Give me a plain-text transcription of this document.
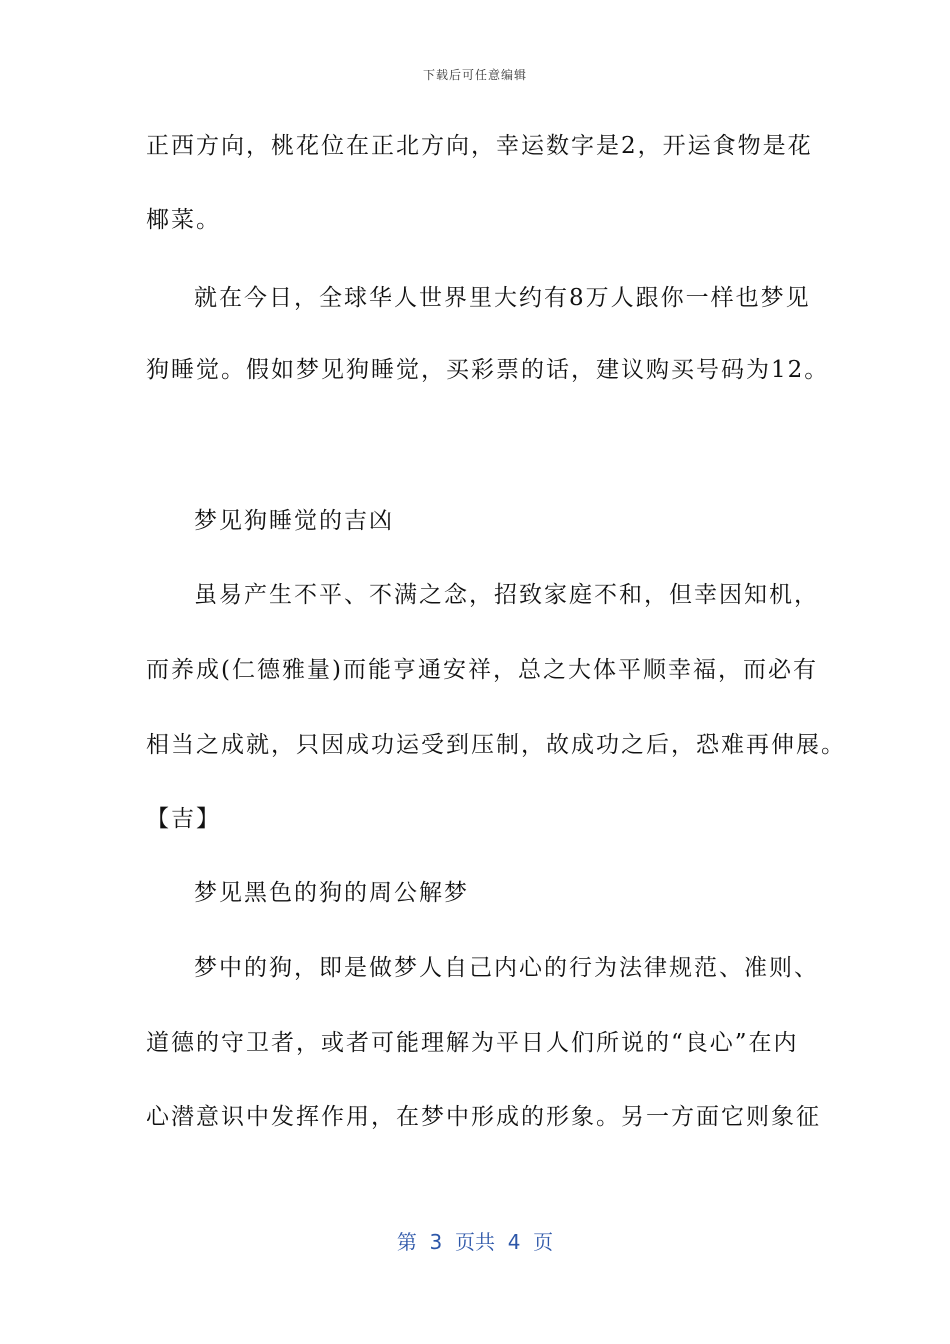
下载后可任意编辑
正西方向，桃花位在正北方向，幸运数字是2，开运食物是花
椰菜。
就在今日，全球华人世界里大约有8万人跟你一样也梦见
狗睡觉。假如梦见狗睡觉，买彩票的话，建议购买号码为12。
梦见狗睡觉的吉凶
虽易产生不平、不满之念，招致家庭不和，但幸因知机，
而养成(仁德雅量)而能亨通安祥，总之大体平顺幸福，而必有
相当之成就，只因成功运受到压制，故成功之后，恐难再伸展。
【吉】
梦见黑色的狗的周公解梦
梦中的狗，即是做梦人自己内心的行为法律规范、准则、
道德的守卫者，或者可能理解为平日人们所说的“良心”在内
心潜意识中发挥作用，在梦中形成的形象。另一方面它则象征
第  3  页共  4  页
